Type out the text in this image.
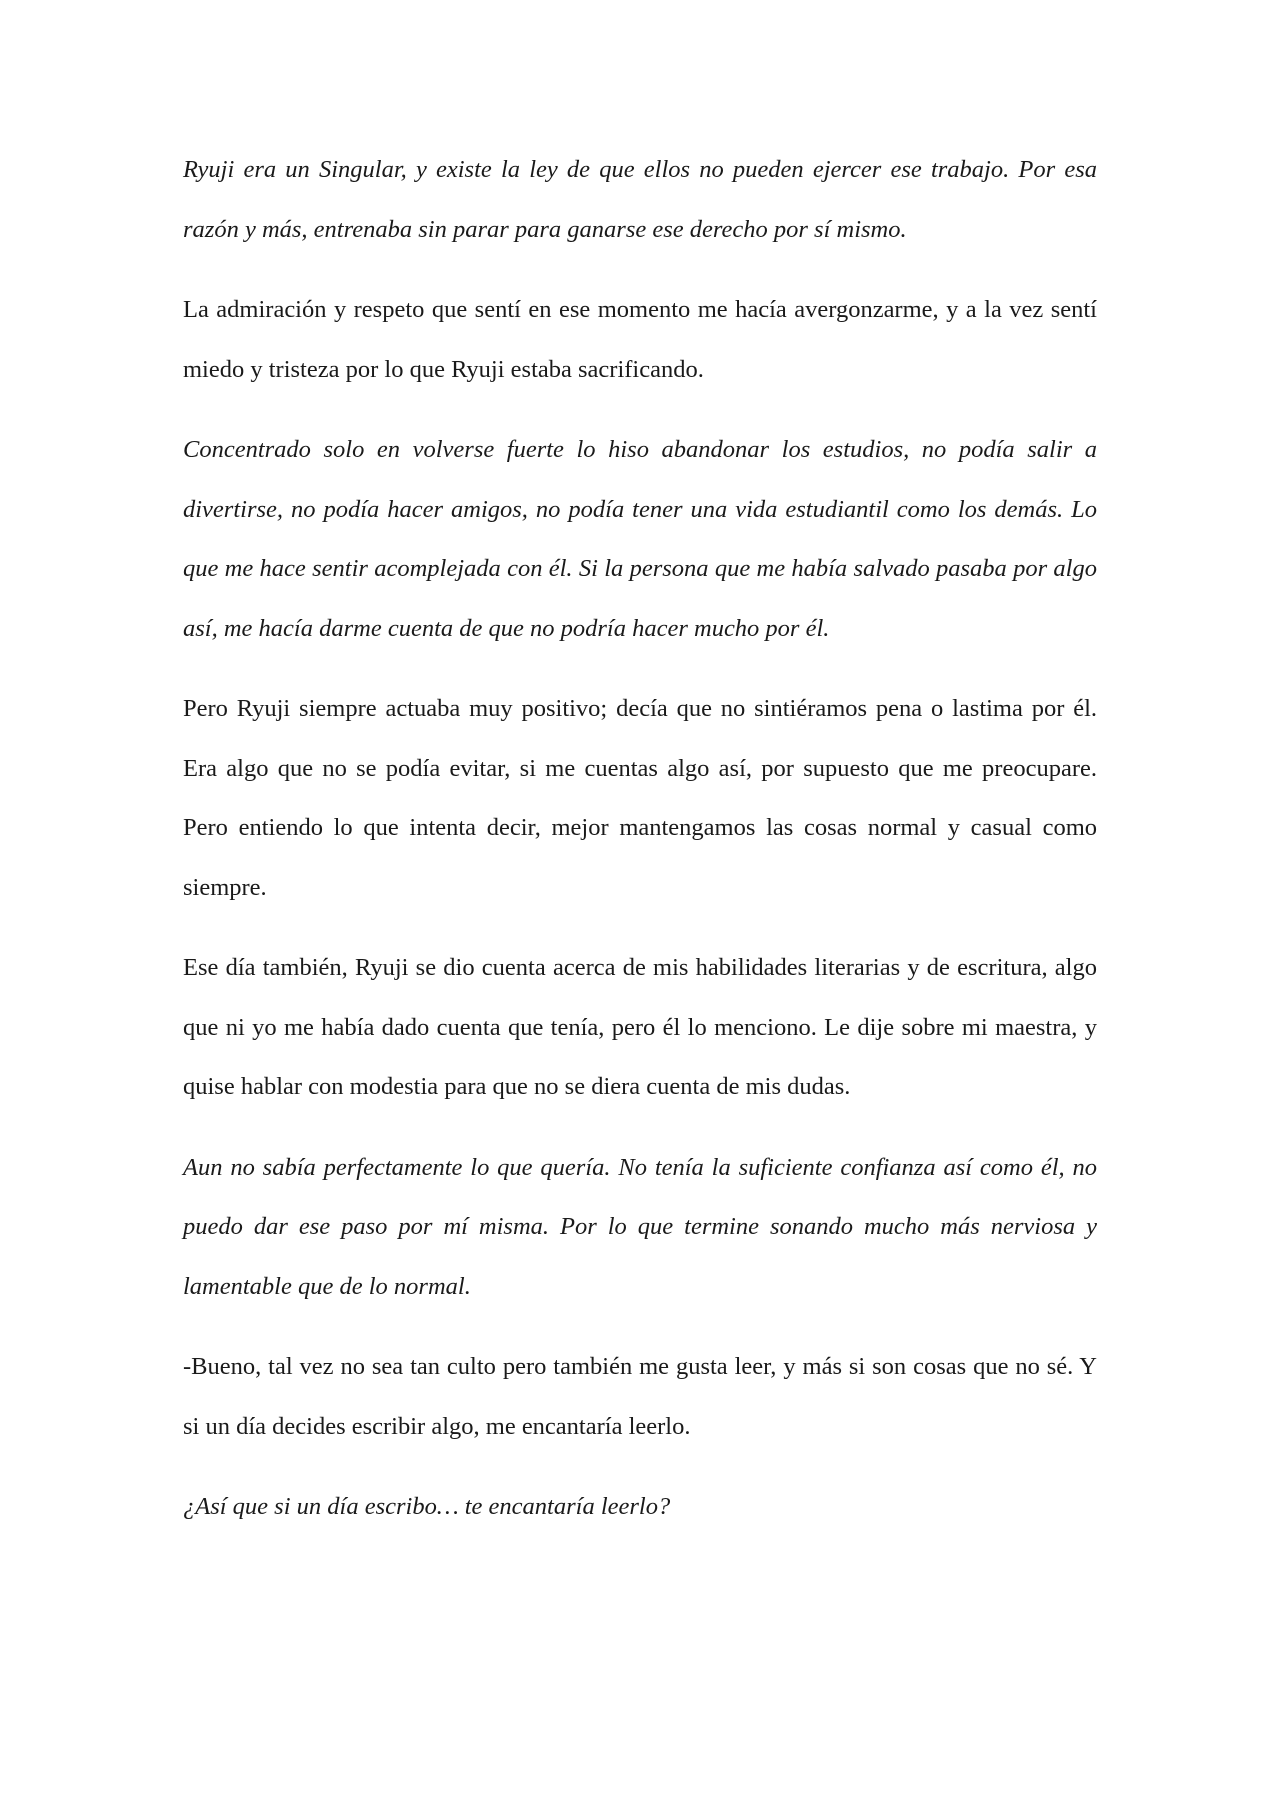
Ryuji era un Singular, y existe la ley de que ellos no pueden ejercer ese trabajo. Por esa razón y más, entrenaba sin parar para ganarse ese derecho por sí mismo.

La admiración y respeto que sentí en ese momento me hacía avergonzarme, y a la vez sentí miedo y tristeza por lo que Ryuji estaba sacrificando.

Concentrado solo en volverse fuerte lo hiso abandonar los estudios, no podía salir a divertirse, no podía hacer amigos, no podía tener una vida estudiantil como los demás. Lo que me hace sentir acomplejada con él. Si la persona que me había salvado pasaba por algo así, me hacía darme cuenta de que no podría hacer mucho por él.

Pero Ryuji siempre actuaba muy positivo; decía que no sintiéramos pena o lastima por él. Era algo que no se podía evitar, si me cuentas algo así, por supuesto que me preocupare. Pero entiendo lo que intenta decir, mejor mantengamos las cosas normal y casual como siempre.

Ese día también, Ryuji se dio cuenta acerca de mis habilidades literarias y de escritura, algo que ni yo me había dado cuenta que tenía, pero él lo menciono. Le dije sobre mi maestra, y quise hablar con modestia para que no se diera cuenta de mis dudas.

Aun no sabía perfectamente lo que quería. No tenía la suficiente confianza así como él, no puedo dar ese paso por mí misma. Por lo que termine sonando mucho más nerviosa y lamentable que de lo normal.

-Bueno, tal vez no sea tan culto pero también me gusta leer, y más si son cosas que no sé. Y si un día decides escribir algo, me encantaría leerlo.

¿Así que si un día escribo… te encantaría leerlo?
